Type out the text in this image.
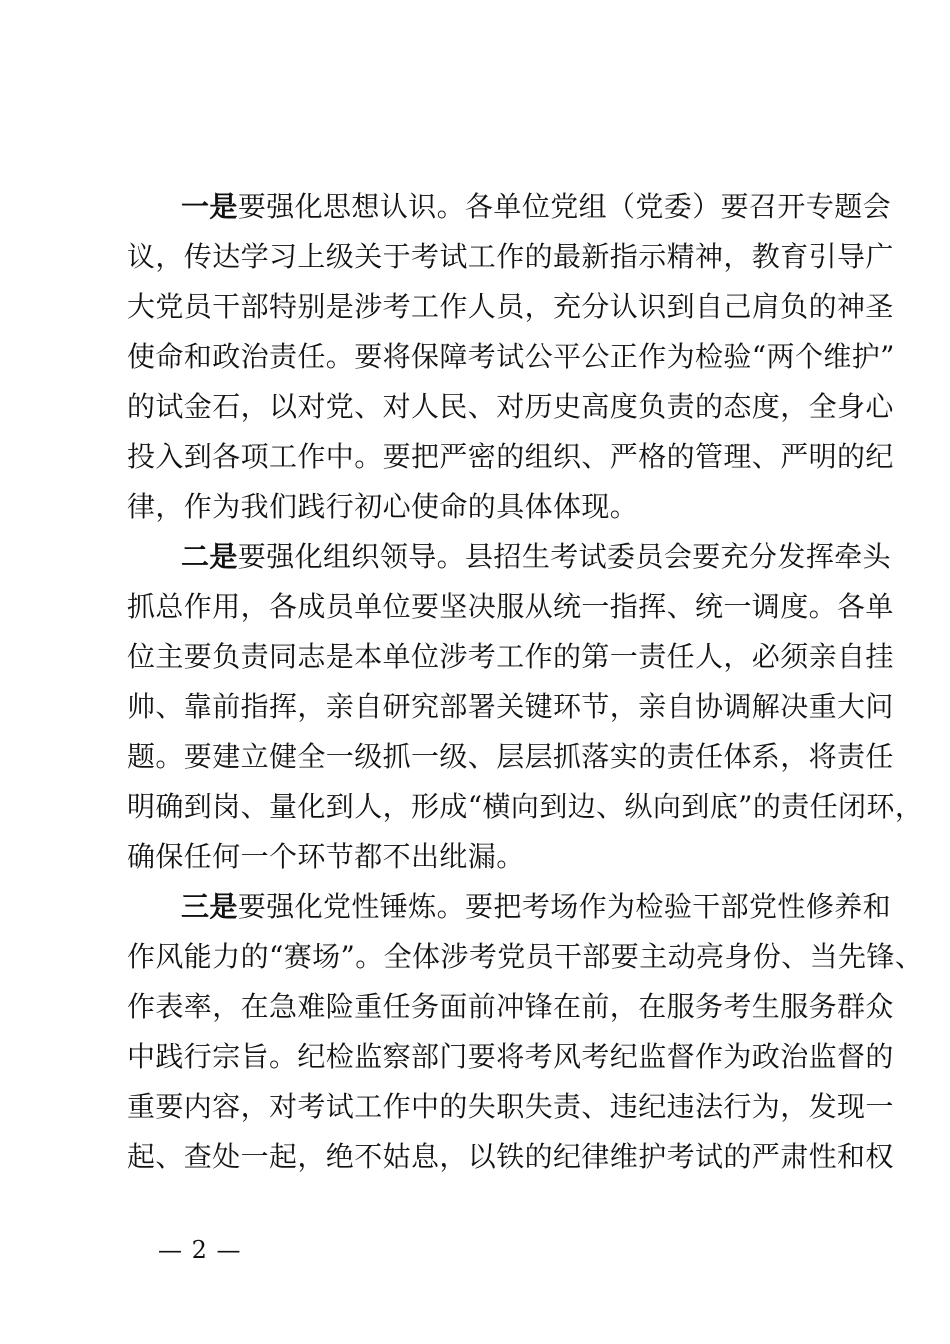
一是要强化思想认识。各单位党组（党委）要召开专题会
议，传达学习上级关于考试工作的最新指示精神，教育引导广
大党员干部特别是涉考工作人员，充分认识到自己肩负的神圣
使命和政治责任。要将保障考试公平公正作为检验“两个维护”
的试金石，以对党、对人民、对历史高度负责的态度，全身心
投入到各项工作中。要把严密的组织、严格的管理、严明的纪
律，作为我们践行初心使命的具体体现。
二是要强化组织领导。县招生考试委员会要充分发挥牵头
抓总作用，各成员单位要坚决服从统一指挥、统一调度。各单
位主要负责同志是本单位涉考工作的第一责任人，必须亲自挂
帅、靠前指挥，亲自研究部署关键环节，亲自协调解决重大问
题。要建立健全一级抓一级、层层抓落实的责任体系，将责任
明确到岗、量化到人，形成“横向到边、纵向到底”的责任闭环，
确保任何一个环节都不出纰漏。
三是要强化党性锤炼。要把考场作为检验干部党性修养和
作风能力的“赛场”。全体涉考党员干部要主动亮身份、当先锋、
作表率，在急难险重任务面前冲锋在前，在服务考生服务群众
中践行宗旨。纪检监察部门要将考风考纪监督作为政治监督的
重要内容，对考试工作中的失职失责、违纪违法行为，发现一
起、查处一起，绝不姑息，以铁的纪律维护考试的严肃性和权
— 2 —
